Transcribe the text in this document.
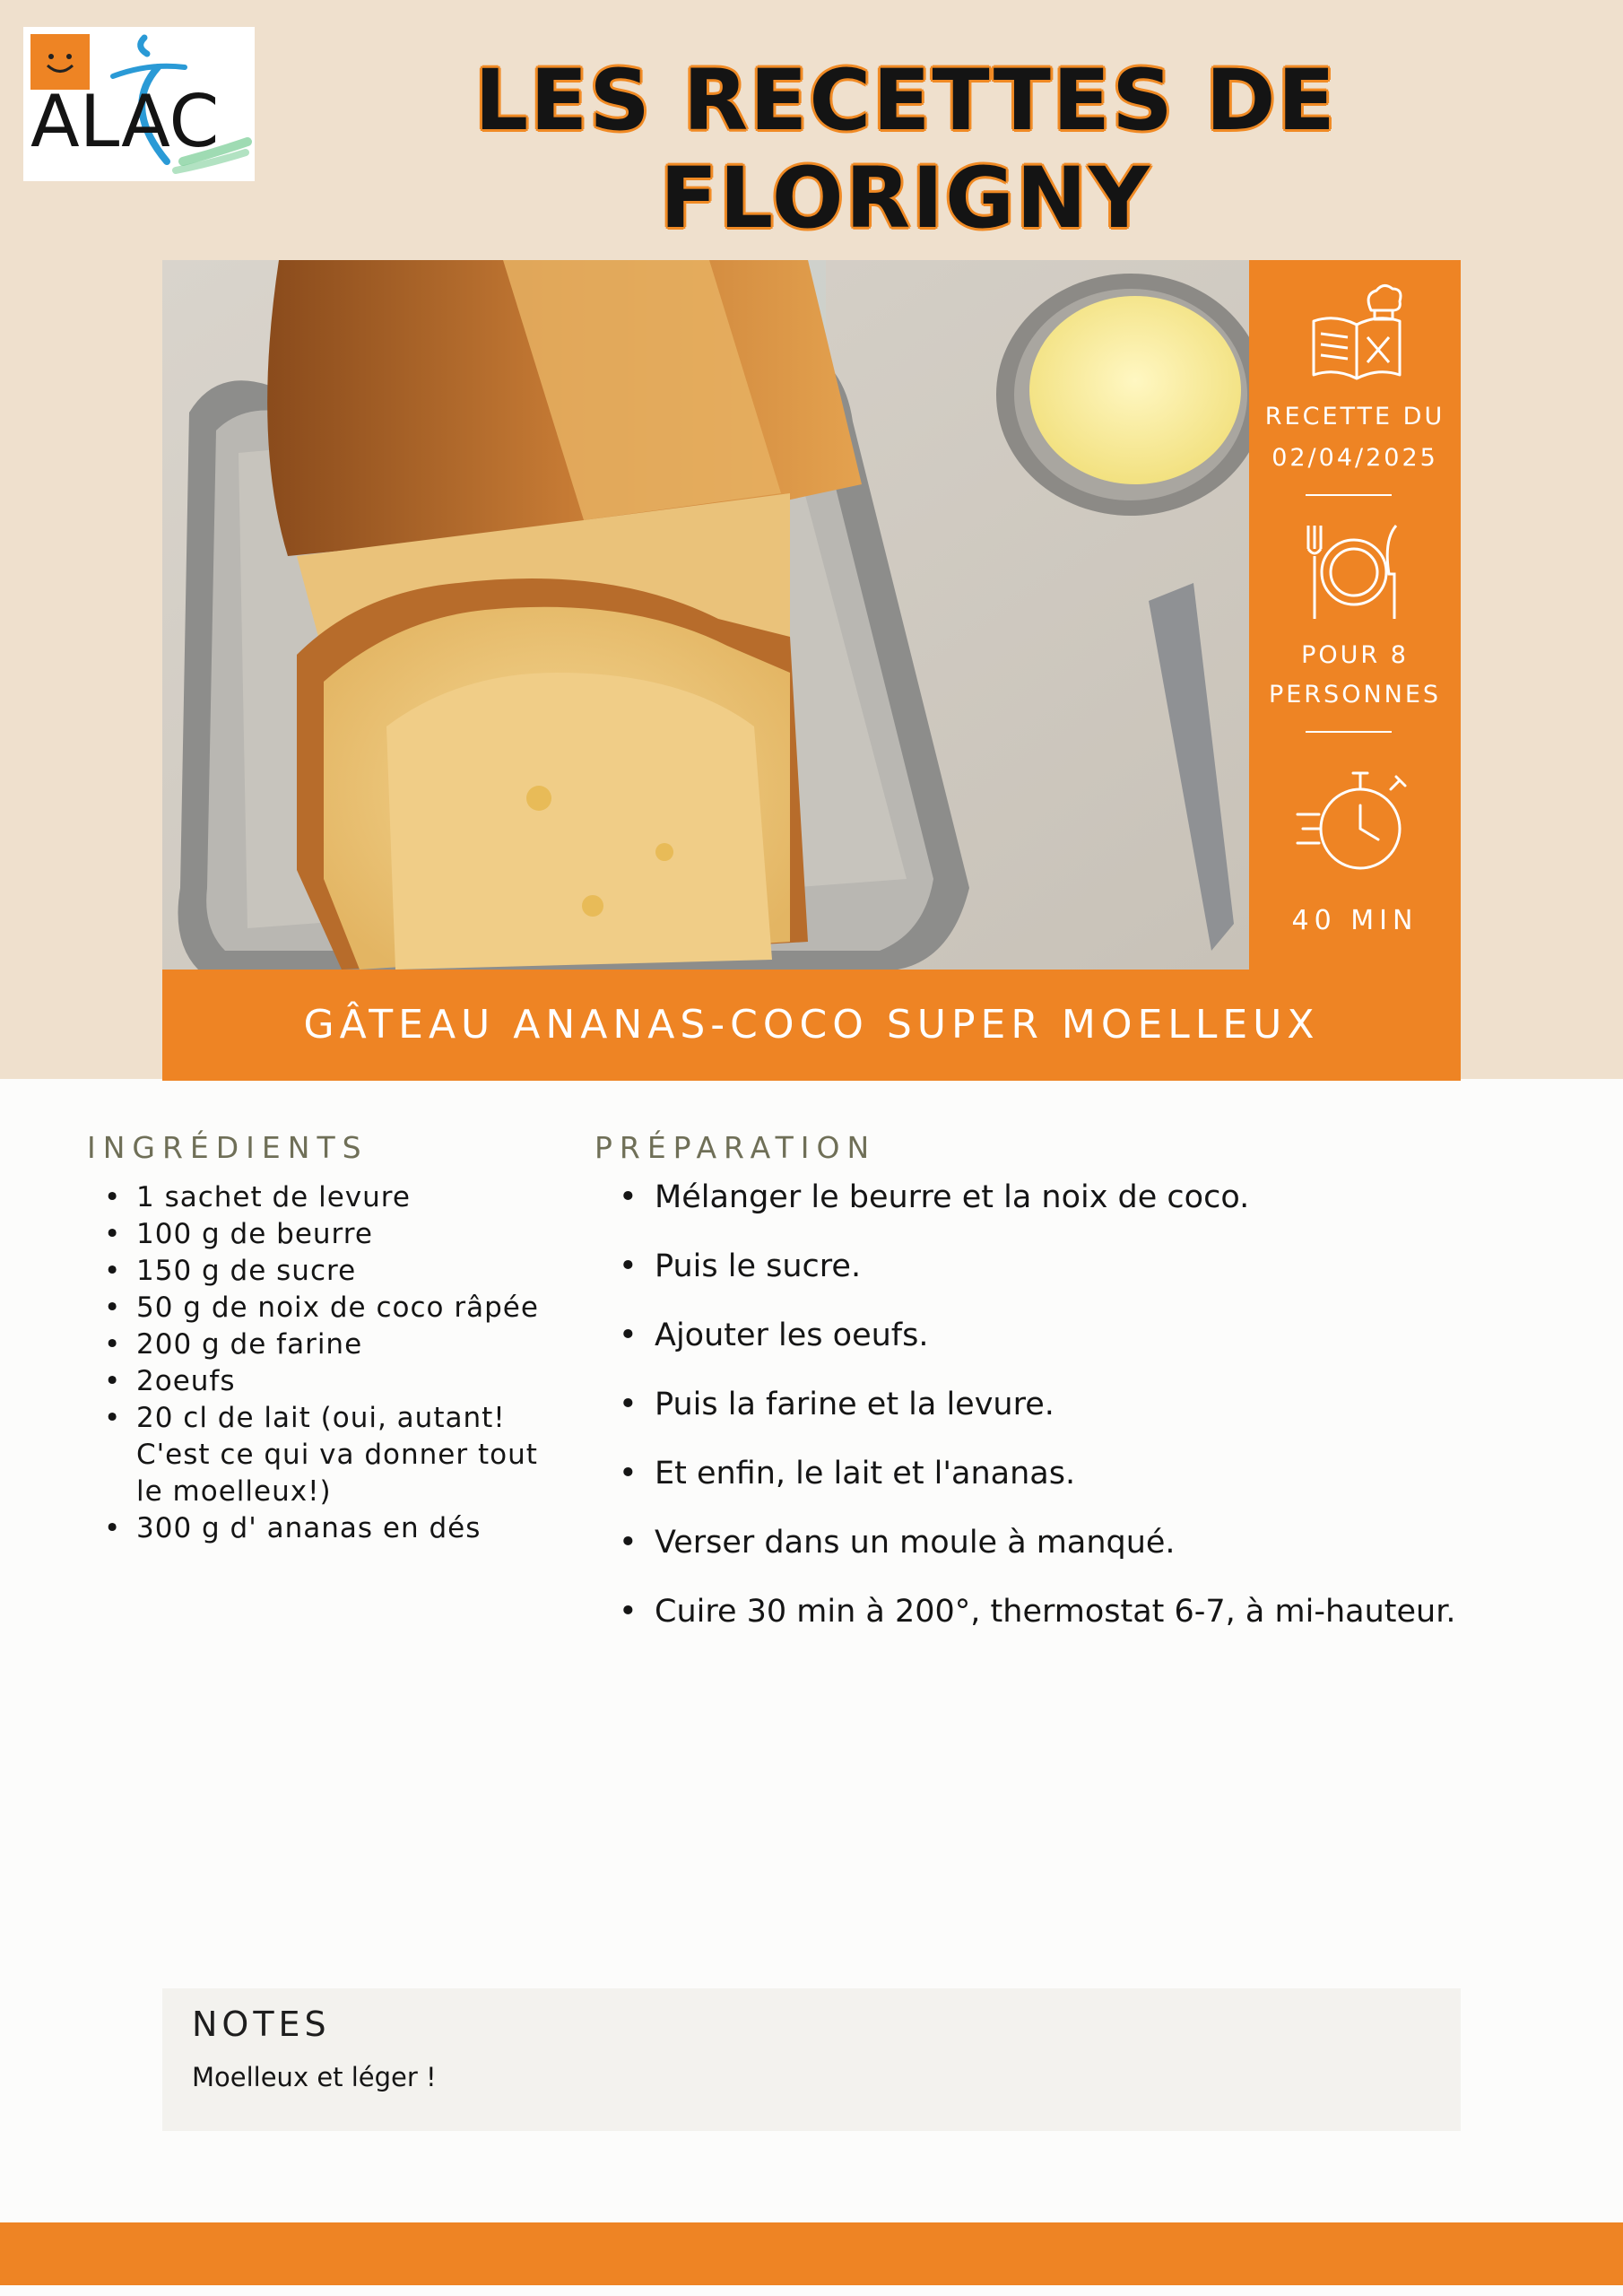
ALAC	LES RECETTES DE FLORIGNY
RECETTE DU
02/04/2025
POUR 8
PERSONNES
40 MIN
GÂTEAU ANANAS-COCO SUPER MOELLEUX
INGRÉDIENTS
• 1 sachet de levure
• 100 g de beurre
• 150 g de sucre
• 50 g de noix de coco râpée
• 200 g de farine
• 2oeufs
• 20 cl de lait (oui, autant! C'est ce qui va donner tout le moelleux!)
• 300 g d' ananas en dés
PRÉPARATION
• Mélanger le beurre et la noix de coco.
• Puis le sucre.
• Ajouter les oeufs.
• Puis la farine et la levure.
• Et enfin, le lait et l'ananas.
• Verser dans un moule à manqué.
• Cuire 30 min à 200°, thermostat 6-7, à mi-hauteur.
NOTES
Moelleux et léger !
